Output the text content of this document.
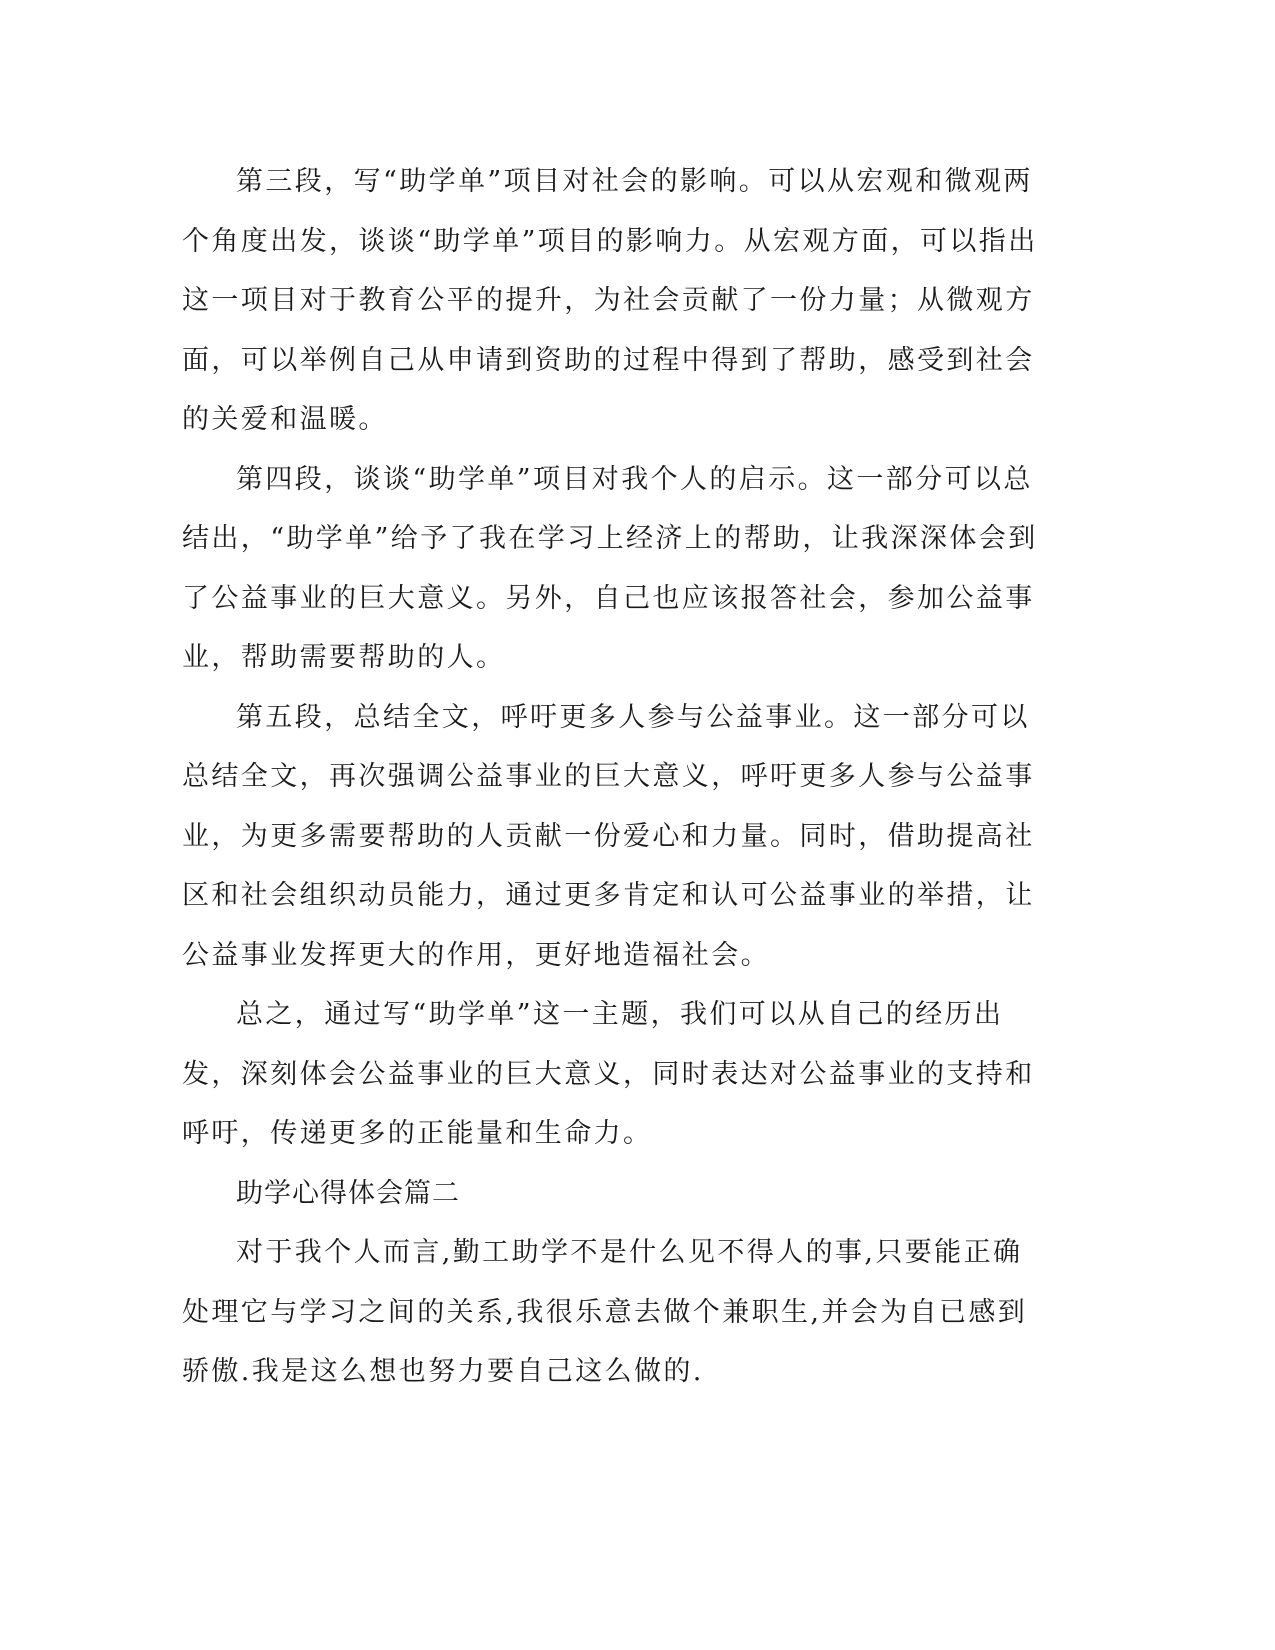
第三段，写“助学单”项目对社会的影响。可以从宏观和微观两个角度出发，谈谈“助学单”项目的影响力。从宏观方面，可以指出这一项目对于教育公平的提升，为社会贡献了一份力量；从微观方面，可以举例自己从申请到资助的过程中得到了帮助，感受到社会的关爱和温暖。

第四段，谈谈“助学单”项目对我个人的启示。这一部分可以总结出，“助学单”给予了我在学习上经济上的帮助，让我深深体会到了公益事业的巨大意义。另外，自己也应该报答社会，参加公益事业，帮助需要帮助的人。

第五段，总结全文，呼吁更多人参与公益事业。这一部分可以总结全文，再次强调公益事业的巨大意义，呼吁更多人参与公益事业，为更多需要帮助的人贡献一份爱心和力量。同时，借助提高社区和社会组织动员能力，通过更多肯定和认可公益事业的举措，让公益事业发挥更大的作用，更好地造福社会。

总之，通过写“助学单”这一主题，我们可以从自己的经历出发，深刻体会公益事业的巨大意义，同时表达对公益事业的支持和呼吁，传递更多的正能量和生命力。

助学心得体会篇二

对于我个人而言,勤工助学不是什么见不得人的事,只要能正确处理它与学习之间的关系,我很乐意去做个兼职生,并会为自已感到骄傲.我是这么想也努力要自己这么做的.
